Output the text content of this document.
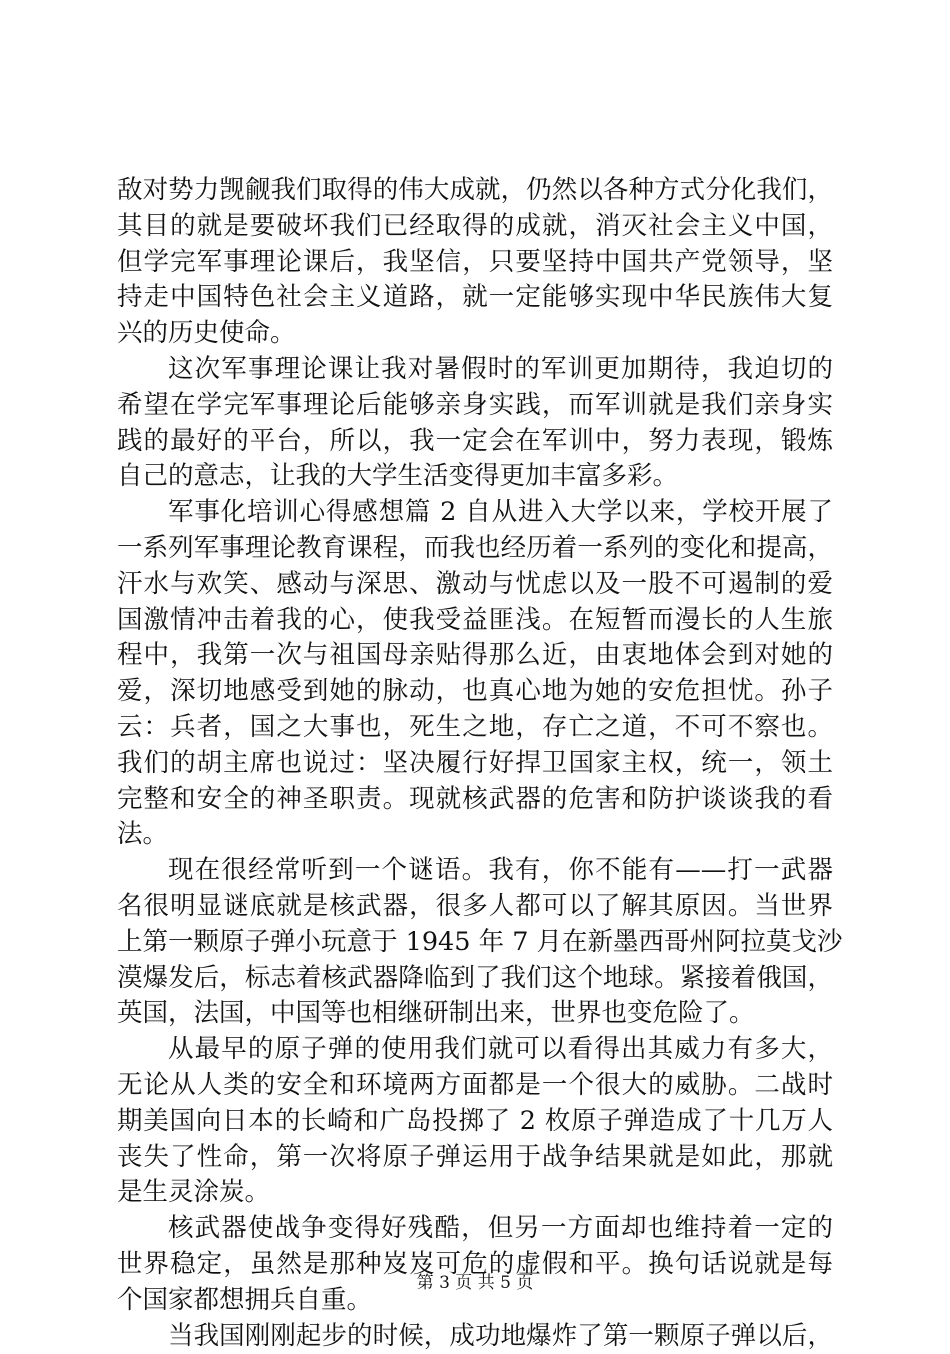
敌对势力觊觎我们取得的伟大成就，仍然以各种方式分化我们，
其目的就是要破坏我们已经取得的成就，消灭社会主义中国，
但学完军事理论课后，我坚信，只要坚持中国共产党领导，坚
持走中国特色社会主义道路，就一定能够实现中华民族伟大复
兴的历史使命。
这次军事理论课让我对暑假时的军训更加期待，我迫切的
希望在学完军事理论后能够亲身实践，而军训就是我们亲身实
践的最好的平台，所以，我一定会在军训中，努力表现，锻炼
自己的意志，让我的大学生活变得更加丰富多彩。
军事化培训心得感想篇 2 自从进入大学以来，学校开展了
一系列军事理论教育课程，而我也经历着一系列的变化和提高，
汗水与欢笑、感动与深思、激动与忧虑以及一股不可遏制的爱
国激情冲击着我的心，使我受益匪浅。在短暂而漫长的人生旅
程中，我第一次与祖国母亲贴得那么近，由衷地体会到对她的
爱，深切地感受到她的脉动，也真心地为她的安危担忧。孙子
云：兵者，国之大事也，死生之地，存亡之道，不可不察也。
我们的胡主席也说过：坚决履行好捍卫国家主权，统一，领土
完整和安全的神圣职责。现就核武器的危害和防护谈谈我的看
法。
现在很经常听到一个谜语。我有，你不能有——打一武器
名很明显谜底就是核武器，很多人都可以了解其原因。当世界
上第一颗原子弹小玩意于 1945 年 7 月在新墨西哥州阿拉莫戈沙
漠爆发后，标志着核武器降临到了我们这个地球。紧接着俄国，
英国，法国，中国等也相继研制出来，世界也变危险了。
从最早的原子弹的使用我们就可以看得出其威力有多大，
无论从人类的安全和环境两方面都是一个很大的威胁。二战时
期美国向日本的长崎和广岛投掷了 2 枚原子弹造成了十几万人
丧失了性命，第一次将原子弹运用于战争结果就是如此，那就
是生灵涂炭。
核武器使战争变得好残酷，但另一方面却也维持着一定的
世界稳定，虽然是那种岌岌可危的虚假和平。换句话说就是每
个国家都想拥兵自重。
当我国刚刚起步的时候，成功地爆炸了第一颗原子弹以后，
第 3 页 共 5 页
